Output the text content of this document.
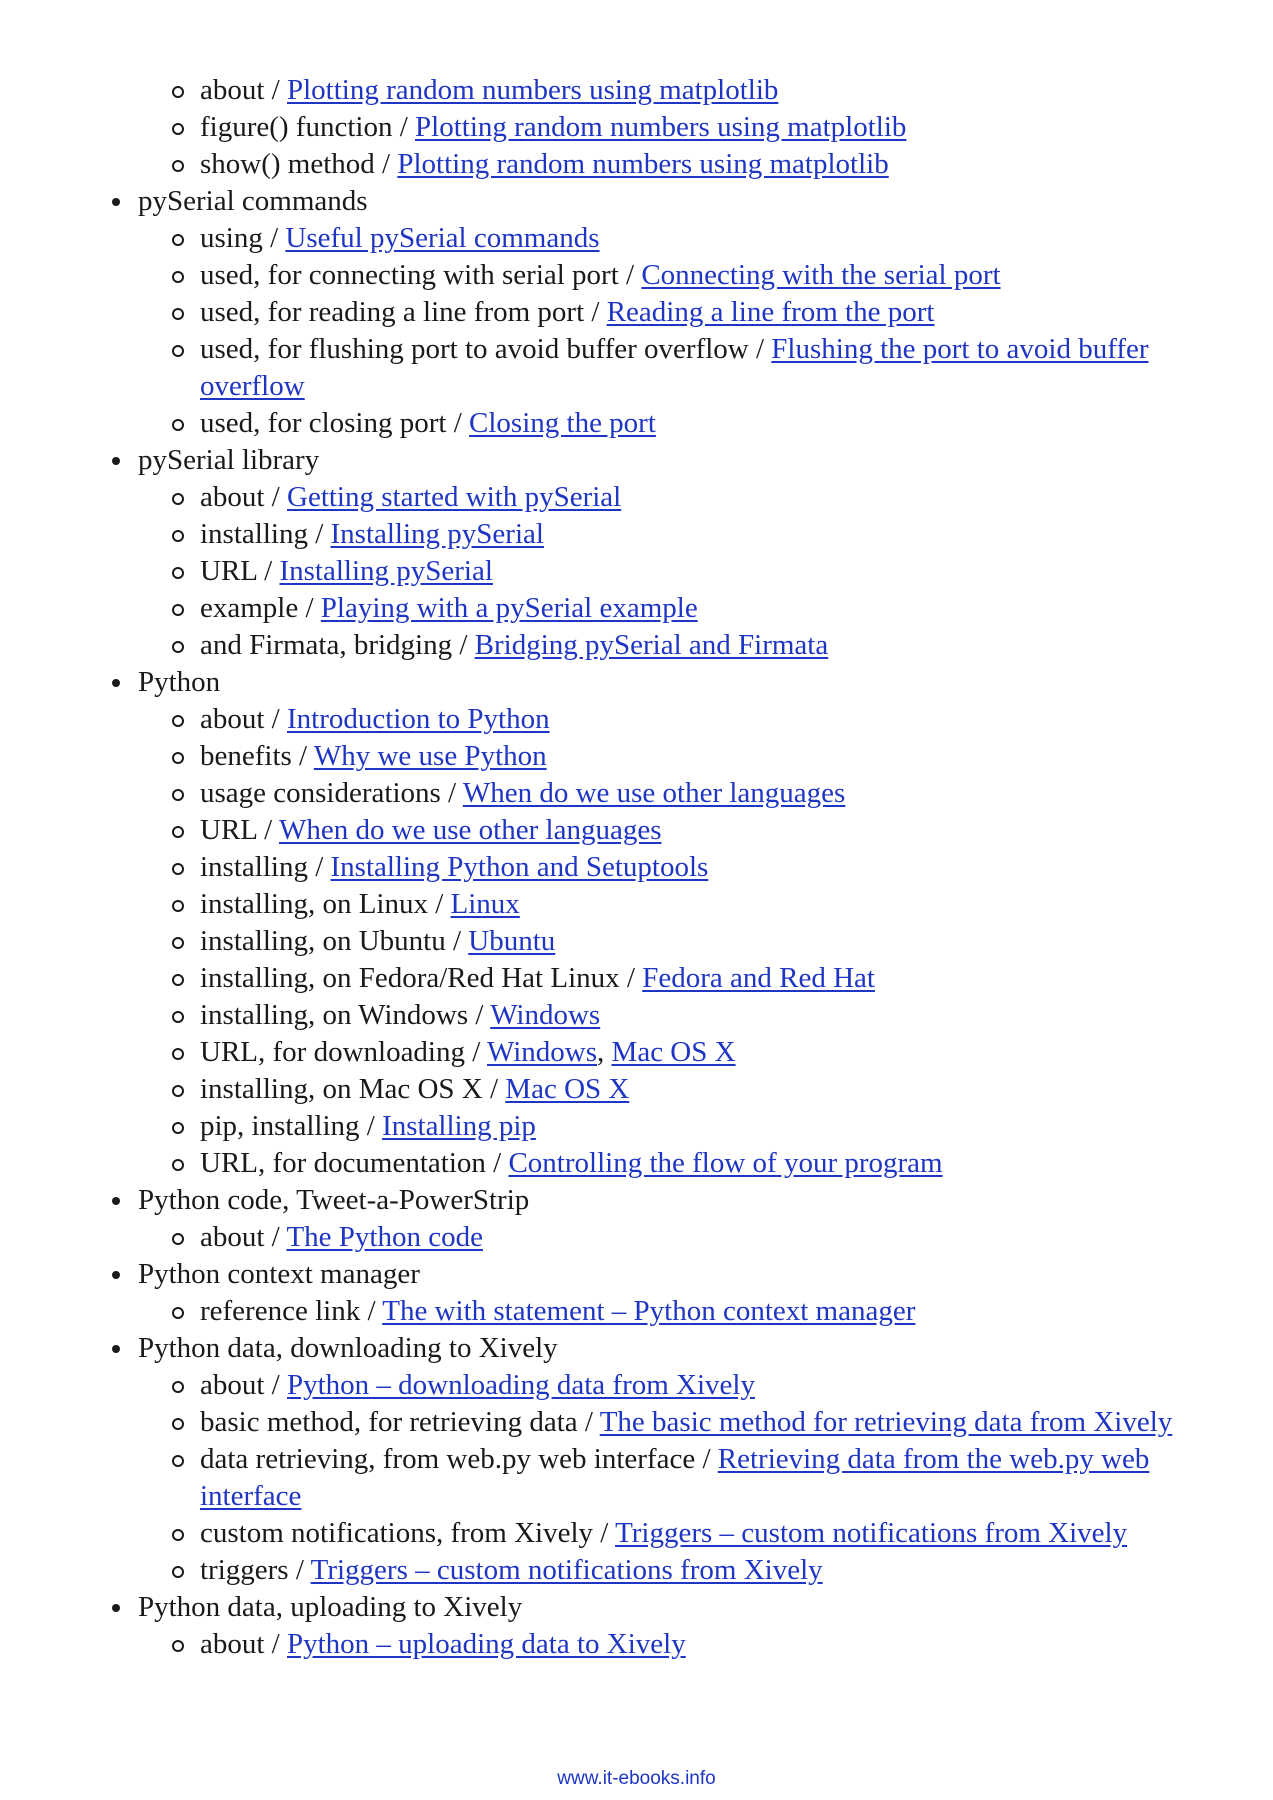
about / Plotting random numbers using matplotlib
figure() function / Plotting random numbers using matplotlib
show() method / Plotting random numbers using matplotlib
pySerial commands
using / Useful pySerial commands
used, for connecting with serial port / Connecting with the serial port
used, for reading a line from port / Reading a line from the port
used, for flushing port to avoid buffer overflow / Flushing the port to avoid buffer overflow
used, for closing port / Closing the port
pySerial library
about / Getting started with pySerial
installing / Installing pySerial
URL / Installing pySerial
example / Playing with a pySerial example
and Firmata, bridging / Bridging pySerial and Firmata
Python
about / Introduction to Python
benefits / Why we use Python
usage considerations / When do we use other languages
URL / When do we use other languages
installing / Installing Python and Setuptools
installing, on Linux / Linux
installing, on Ubuntu / Ubuntu
installing, on Fedora/Red Hat Linux / Fedora and Red Hat
installing, on Windows / Windows
URL, for downloading / Windows, Mac OS X
installing, on Mac OS X / Mac OS X
pip, installing / Installing pip
URL, for documentation / Controlling the flow of your program
Python code, Tweet-a-PowerStrip
about / The Python code
Python context manager
reference link / The with statement – Python context manager
Python data, downloading to Xively
about / Python – downloading data from Xively
basic method, for retrieving data / The basic method for retrieving data from Xively
data retrieving, from web.py web interface / Retrieving data from the web.py web interface
custom notifications, from Xively / Triggers – custom notifications from Xively
triggers / Triggers – custom notifications from Xively
Python data, uploading to Xively
about / Python – uploading data to Xively
www.it-ebooks.info
